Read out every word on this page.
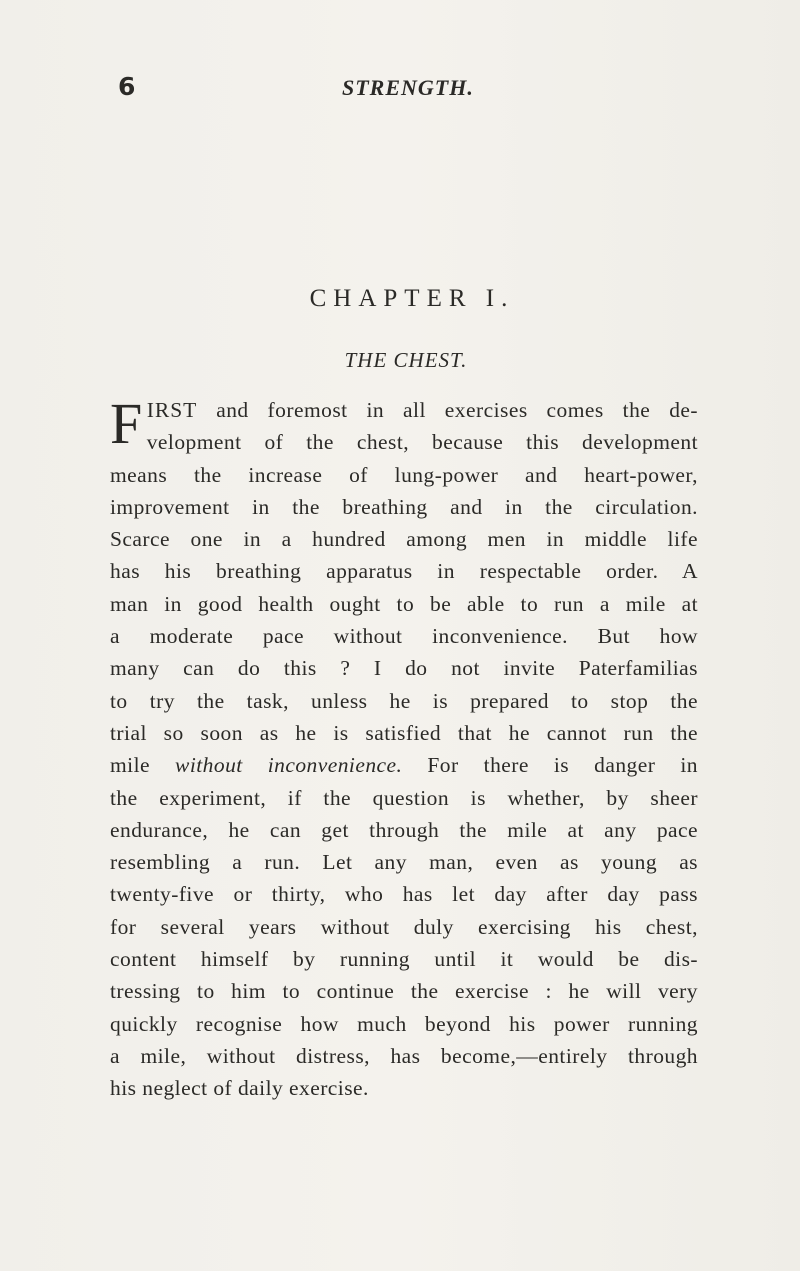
6	STRENGTH.
CHAPTER I.
THE CHEST.

F IRST and foremost in all exercises comes the de-
velopment of the chest, because this development
means the increase of lung-power and heart-power,
improvement in the breathing and in the circulation.
Scarce one in a hundred among men in middle life
has his breathing apparatus in respectable order. A
man in good health ought to be able to run a mile at
a moderate pace without inconvenience. But how
many can do this ? I do not invite Paterfamilias
to try the task, unless he is prepared to stop the
trial so soon as he is satisfied that he cannot run the
mile without inconvenience. For there is danger in
the experiment, if the question is whether, by sheer
endurance, he can get through the mile at any pace
resembling a run. Let any man, even as young as
twenty-five or thirty, who has let day after day pass
for several years without duly exercising his chest,
content himself by running until it would be dis-
tressing to him to continue the exercise : he will very
quickly recognise how much beyond his power running
a mile, without distress, has become,—entirely through
his neglect of daily exercise.
